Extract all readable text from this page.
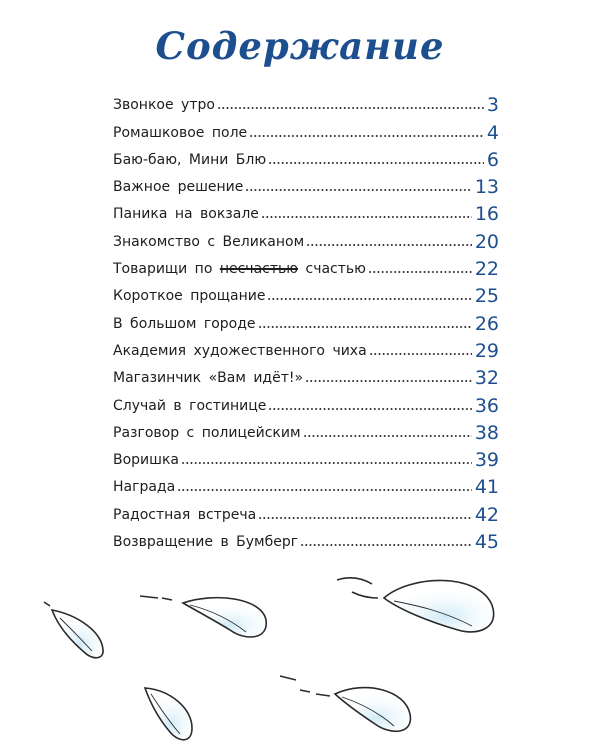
Содержание
Звонкое утро	3
Ромашковое поле	4
Баю-баю, Мини Блю	6
Важное решение	13
Паника на вокзале	16
Знакомство с Великаном	20
Товарищи по несчастью счастью	22
Короткое прощание	25
В большом городе	26
Академия художественного чиха	29
Магазинчик «Вам идёт!»	32
Случай в гостинице	36
Разговор с полицейским	38
Воришка	39
Награда	41
Радостная встреча	42
Возвращение в Бумберг	45
